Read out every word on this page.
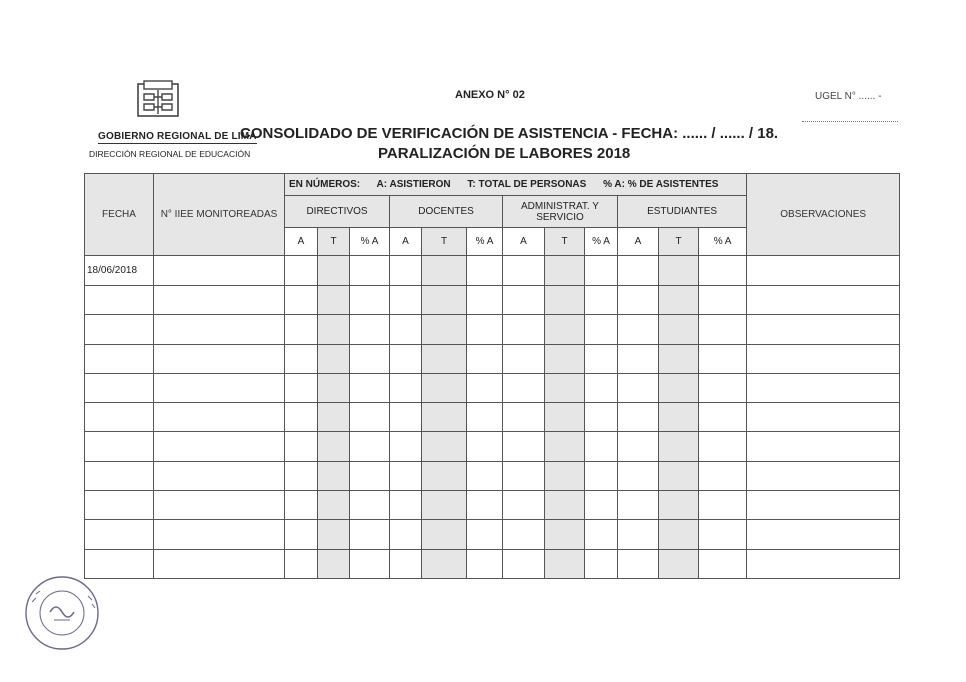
GOBIERNO REGIONAL DE LIMA
DIRECCIÓN REGIONAL DE EDUCACIÓN
ANEXO N° 02	UGEL N° ...... -
CONSOLIDADO DE VERIFICACIÓN DE ASISTENCIA - FECHA: ...... / ...... / 18.
PARALIZACIÓN DE LABORES 2018
FECHA	N° IIEE MONITOREADAS	EN NÚMEROS: A: ASISTIERON T: TOTAL DE PERSONAS % A: % DE ASISTENTES												OBSERVACIONES
		DIRECTIVOS			DOCENTES			ADMINISTRAT. Y SERVICIO			ESTUDIANTES			
		A	T	% A	A	T	% A	A	T	% A	A	T	% A	
18/06/2018														
